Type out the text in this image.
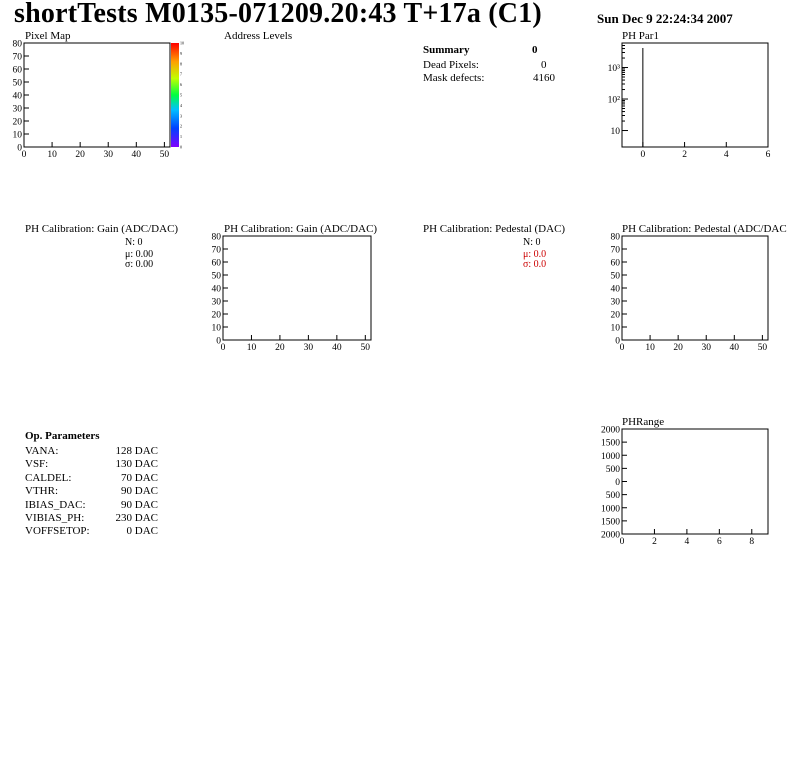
shortTests M0135-071209.20:43 T+17a (C1)	Sun Dec 9 22:24:34 2007
Pixel Map	Address Levels	PH Par1
PH Calibration: Gain (ADC/DAC)	PH Calibration: Gain (ADC/DAC)	PH Calibration: Pedestal (DAC)	PH Calibration: Pedestal (ADC/DAC
PHRange
Summary	0
Dead Pixels:	0
Mask defects:	4160
N: 0
μ: 0.00
σ: 0.00
N: 0
μ: 0.0
σ: 0.0
Op. Parameters
VANA:	128 DAC
VSF:	130 DAC
CALDEL:	70 DAC
VTHR:	90 DAC
IBIAS_DAC:	90 DAC
VIBIAS_PH:	230 DAC
VOFFSETOP:	0 DAC
0 10 20 30 40 50
0
10
20
30
40
50
60
70
80
0
1
2
3
4
5
6
7
8
9
10
0	2	4	6
10
10²
10³
0 10 20 30 40 50
0
10
20
30
40
50
60
70
80
0 10 20 30 40 50
0
10
20
30
40
50
60
70
80
0	2	4	6	8
2000
1500
1000
500
0
500
1000
1500
2000
